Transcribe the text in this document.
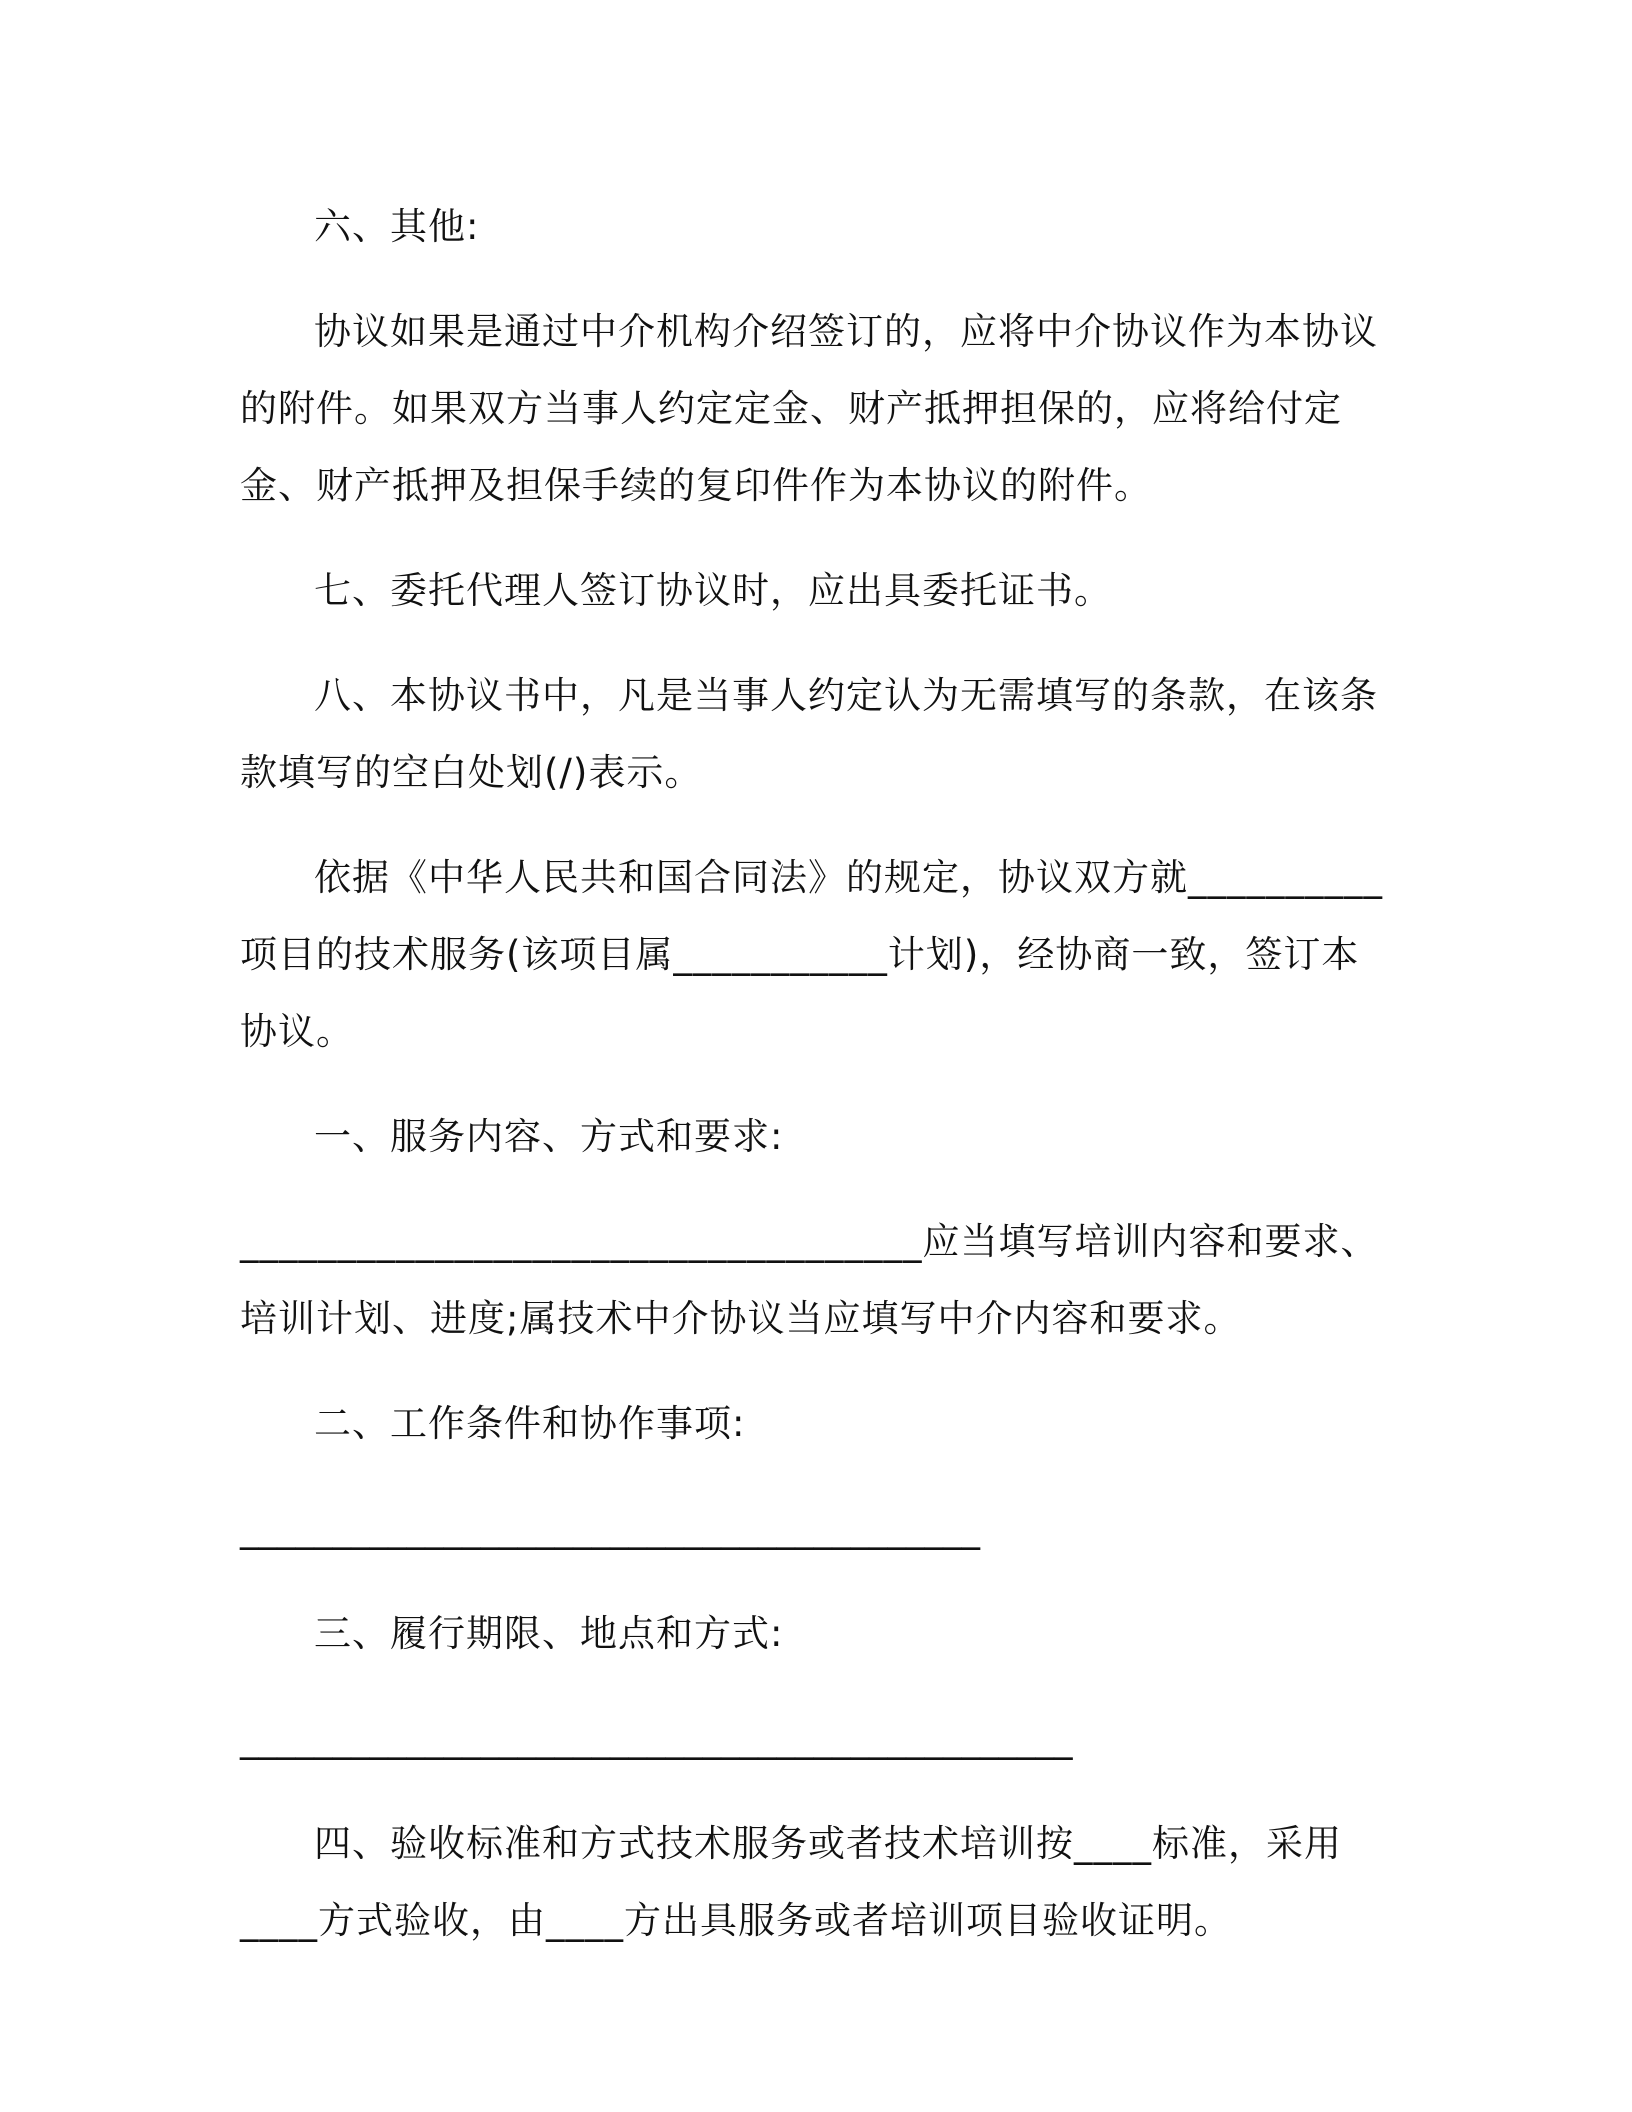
六、其他:

协议如果是通过中介机构介绍签订的，应将中介协议作为本协议的附件。如果双方当事人约定定金、财产抵押担保的，应将给付定金、财产抵押及担保手续的复印件作为本协议的附件。

七、委托代理人签订协议时，应出具委托证书。

八、本协议书中，凡是当事人约定认为无需填写的条款，在该条款填写的空白处划(/)表示。

依据《中华人民共和国合同法》的规定，协议双方就__________项目的技术服务(该项目属___________计划)，经协商一致，签订本协议。

一、服务内容、方式和要求:

___________________________________应当填写培训内容和要求、培训计划、进度;属技术中介协议当应填写中介内容和要求。

二、工作条件和协作事项:

________________________________________

三、履行期限、地点和方式:

_____________________________________________

四、验收标准和方式技术服务或者技术培训按____标准，采用____方式验收，由____方出具服务或者培训项目验收证明。
